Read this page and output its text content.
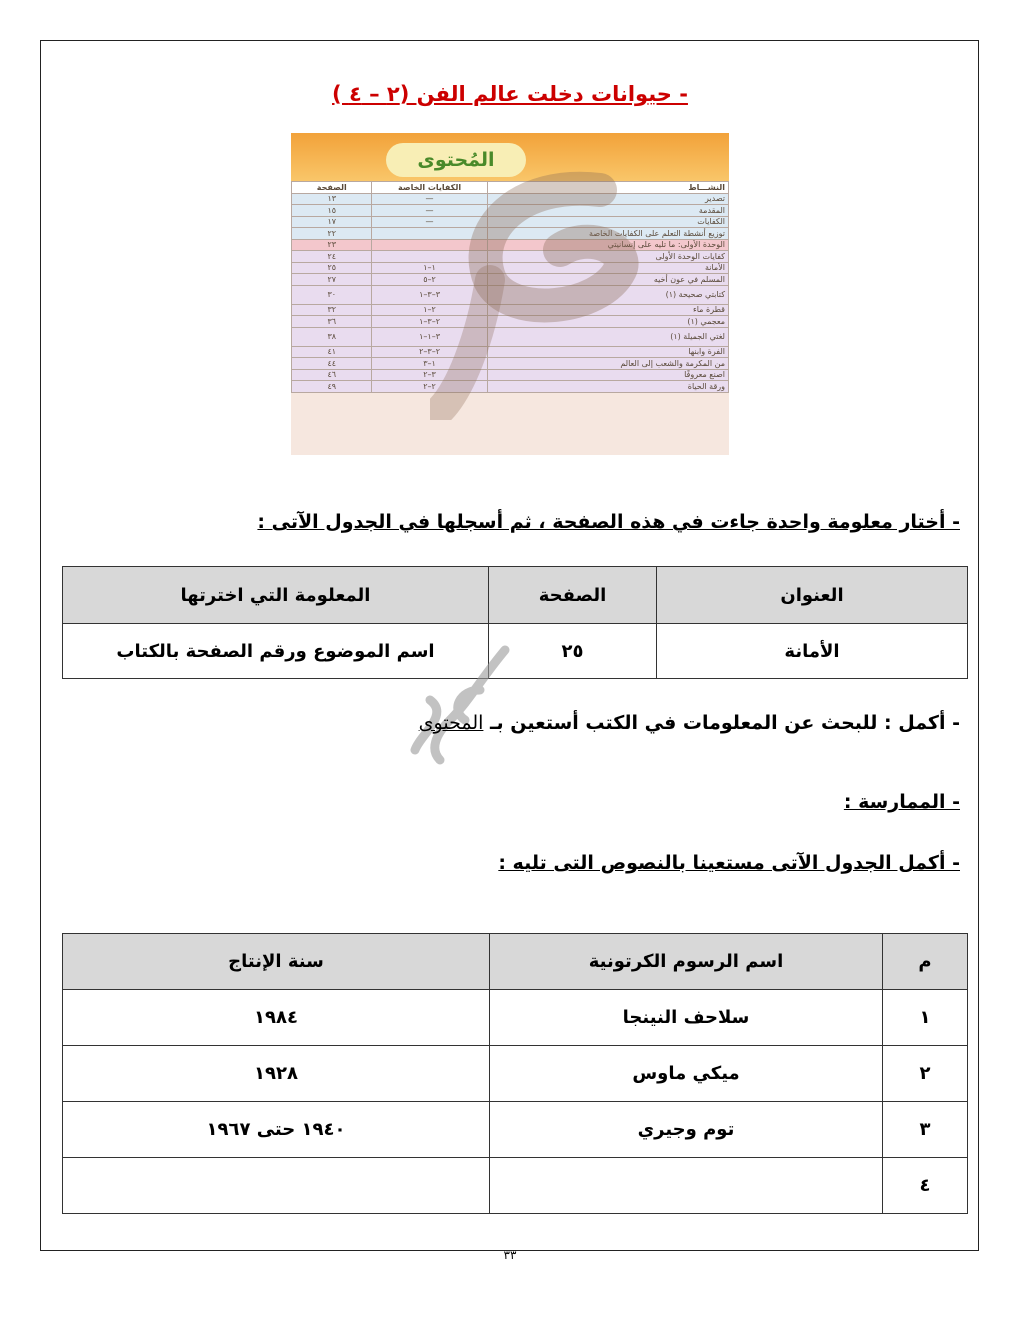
- حيوانات دخلت عالم الفن (٢ – ٤ )
المُحتوى
النشـــاط	الكفايات الخاصة	الصفحة
تصدير	—	١٣
المقدمة	—	١٥
الكفايات	—	١٧
توزيع أنشطة التعلم على الكفايات الخاصة		٢٢
الوحدة الأولى: ما تليه على إنسانيتي		٢٣
كفايات الوحدة الأولى		٢٤
الأمانة	١–١	٢٥
المسلم في عون أخيه	٢–٥	٢٧
كتابتي صحيحة (١)	٣–٣–١	٣٠
قطرة ماء	٢–١	٣٢
معجمي (١)	٢–٣–١	٣٦
لغتي الجميلة (١)	٣–١–١	٣٨
الفرة وابنها	٢–٣–٢	٤١
من المكرمة والشعب إلى العالم	١–٣	٤٤
اصنع معروفًا	٣–٢	٤٦
ورقة الحياة	٢–٢	٤٩
- أختار معلومة واحدة جاءت في هذه الصفحة ، ثم أسجلها في الجدول الآتى :
العنوان	الصفحة	المعلومة التي اخترتها
الأمانة	٢٥	اسم الموضوع ورقم الصفحة بالكتاب
- أكمل : للبحث عن المعلومات في الكتب أستعين بـ المحتوى
- الممارسة :
- أكمل الجدول الآتى مستعينا بالنصوص التى تليه :
م	اسم الرسوم الكرتونية	سنة الإنتاج
١	سلاحف النينجا	١٩٨٤
٢	ميكي ماوس	١٩٢٨
٣	توم وجيري	١٩٤٠ حتى ١٩٦٧
٤		
٣٣
